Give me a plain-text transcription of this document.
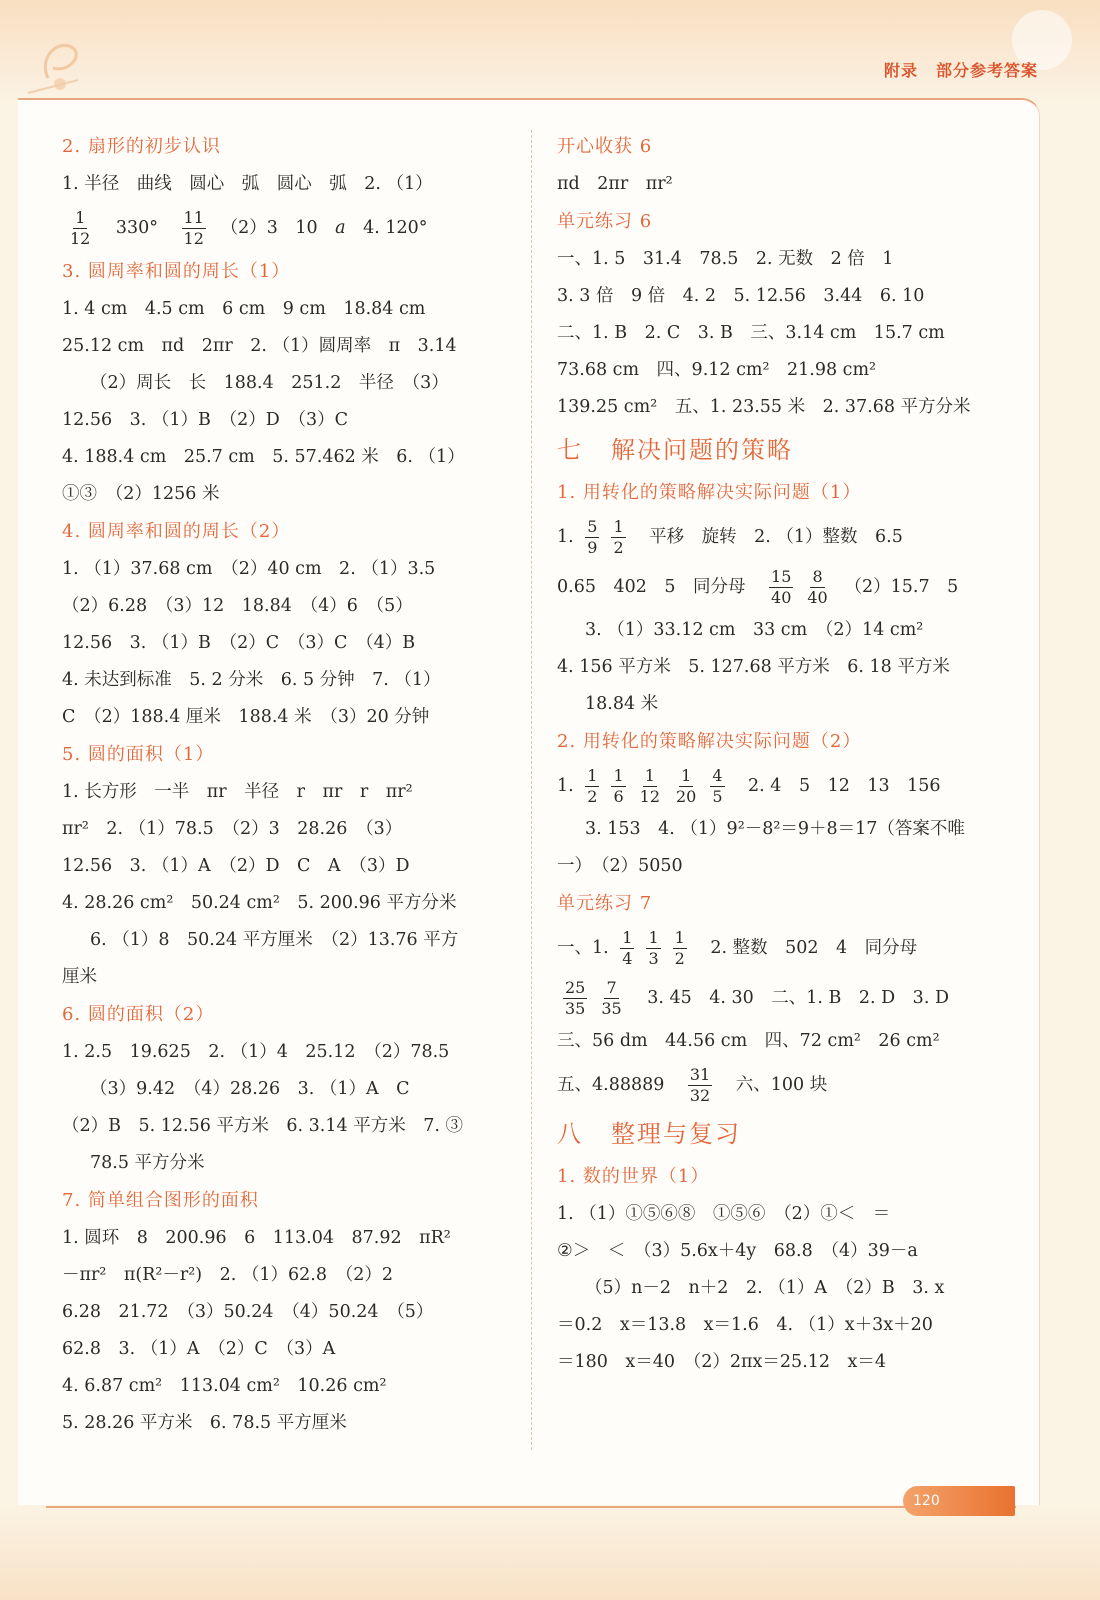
附录 部分参考答案
2. 扇形的初步认识
1. 半径　曲线　圆心　弧　圆心　弧　2. （1）
$\frac{1}{12}$ 　330°　 $\frac{11}{12}$ 　（2）3　10　a　4. 120°
3. 圆周率和圆的周长（1）
1. 4 cm　4.5 cm　6 cm　9 cm　18.84 cm
25.12 cm　πd　2πr　2. （1）圆周率　π　3.14
（2）周长　长　188.4　251.2　半径　（3）
12.56　3. （1）B　（2）D　（3）C
4. 188.4 cm　25.7 cm　5. 57.462 米　6. （1）
①③　（2）1256 米
4. 圆周率和圆的周长（2）
1. （1）37.68 cm　（2）40 cm　2. （1）3.5
（2）6.28　（3）12　18.84　（4）6　（5）
12.56　3. （1）B　（2）C　（3）C　（4）B
4. 未达到标准　5. 2 分米　6. 5 分钟　7. （1）
C　（2）188.4 厘米　188.4 米　（3）20 分钟
5. 圆的面积（1）
1. 长方形　一半　πr　半径　r　πr　r　πr²
πr²　2. （1）78.5　（2）3　28.26　（3）
12.56　3. （1）A　（2）D　C　A　（3）D
4. 28.26 cm²　50.24 cm²　5. 200.96 平方分米
6. （1）8　50.24 平方厘米　（2）13.76 平方
厘米
6. 圆的面积（2）
1. 2.5　19.625　2. （1）4　25.12　（2）78.5
（3）9.42　（4）28.26　3. （1）A　C
（2）B　5. 12.56 平方米　6. 3.14 平方米　7. ③
78.5 平方分米
7. 简单组合图形的面积
1. 圆环　8　200.96　6　113.04　87.92　πR²
－πr²　π(R²－r²)　2. （1）62.8　（2）2
6.28　21.72　（3）50.24　（4）50.24　（5）
62.8　3. （1）A　（2）C　（3）A
4. 6.87 cm²　113.04 cm²　10.26 cm²
5. 28.26 平方米　6. 78.5 平方厘米
开心收获 6
πd　2πr　πr²
单元练习 6
一、1. 5　31.4　78.5　2. 无数　2 倍　1
3. 3 倍　9 倍　4. 2　5. 12.56　3.44　6. 10
二、1. B　2. C　3. B　三、3.14 cm　15.7 cm
73.68 cm　四、9.12 cm²　21.98 cm²
139.25 cm²　五、1. 23.55 米　2. 37.68 平方分米
七 解决问题的策略
1. 用转化的策略解决实际问题（1）
1. $\frac{5}{9} \frac{1}{2}$ 　平移　旋转　2. （1）整数　6.5
0.65　402　5　同分母　 $\frac{15}{40} \frac{8}{40}$ 　（2）15.7　5
3. （1）33.12 cm　33 cm　（2）14 cm²
4. 156 平方米　5. 127.68 平方米　6. 18 平方米
18.84 米
2. 用转化的策略解决实际问题（2）
1. $\frac{1}{2} \frac{1}{6} \frac{1}{12} \frac{1}{20} \frac{4}{5}$ 　2. 4　5　12　13　156
3. 153　4. （1）9²－8²＝9＋8＝17（答案不唯
一）　（2）5050
单元练习 7
一、1. $\frac{1}{4} \frac{1}{3} \frac{1}{2}$ 　2. 整数　502　4　同分母
$\frac{25}{35} \frac{7}{35}$ 　3. 45　4. 30　二、1. B　2. D　3. D
三、56 dm　44.56 cm　四、72 cm²　26 cm²
五、4.88889　 $\frac{31}{32}$ 　六、100 块
八 整理与复习
1. 数的世界（1）
1. （1）①⑤⑥⑧　①⑤⑥　（2）①＜　＝
②＞　＜　（3）5.6x＋4y　68.8　（4）39－a
（5）n－2　n＋2　2. （1）A　（2）B　3. x
＝0.2　x＝13.8　x＝1.6　4. （1）x＋3x＋20
＝180　x＝40　（2）2πx＝25.12　x＝4
120
